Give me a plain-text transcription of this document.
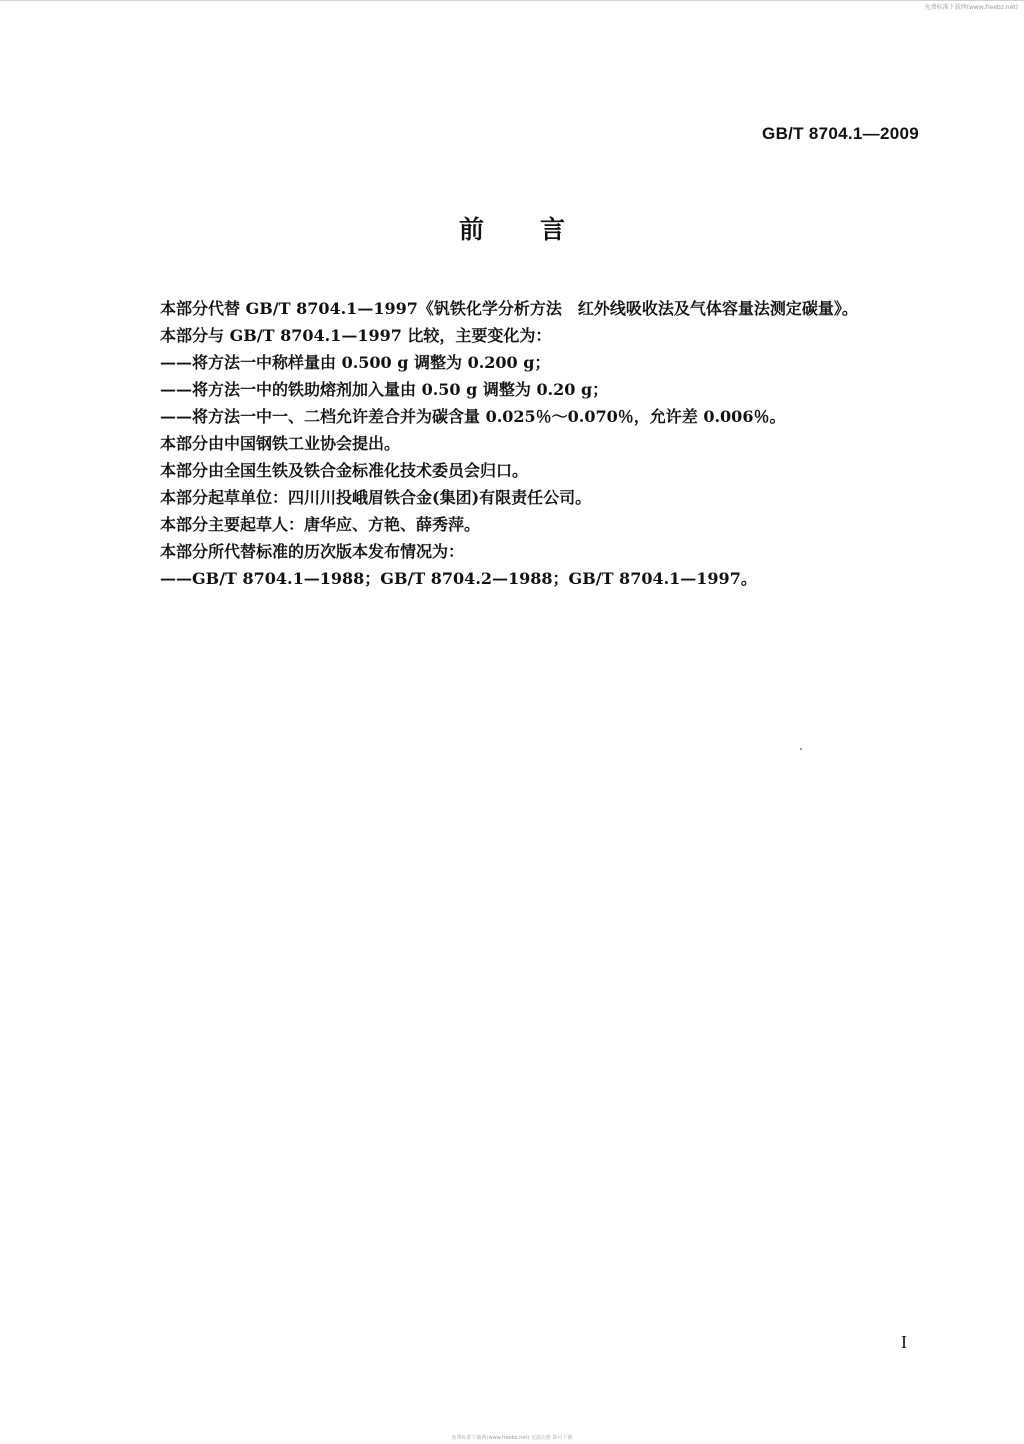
免费标准下载网(www.freebz.net)
GB/T 8704.1—2009
前言
本部分代替 GB/T 8704.1—1997《钒铁化学分析方法　红外线吸收法及气体容量法测定碳量》。
本部分与 GB/T 8704.1—1997 比较，主要变化为：
——将方法一中称样量由 0.500 g 调整为 0.200 g；
——将方法一中的铁助熔剂加入量由 0.50 g 调整为 0.20 g；
——将方法一中一、二档允许差合并为碳含量 0.025％～0.070％，允许差 0.006％。
本部分由中国钢铁工业协会提出。
本部分由全国生铁及铁合金标准化技术委员会归口。
本部分起草单位：四川川投峨眉铁合金(集团)有限责任公司。
本部分主要起草人：唐华应、方艳、薛秀萍。
本部分所代替标准的历次版本发布情况为：
——GB/T 8704.1—1988；GB/T 8704.2—1988；GB/T 8704.1—1997。
I
免费标准下载网(www.freebz.net) 无需注册 即可下载
